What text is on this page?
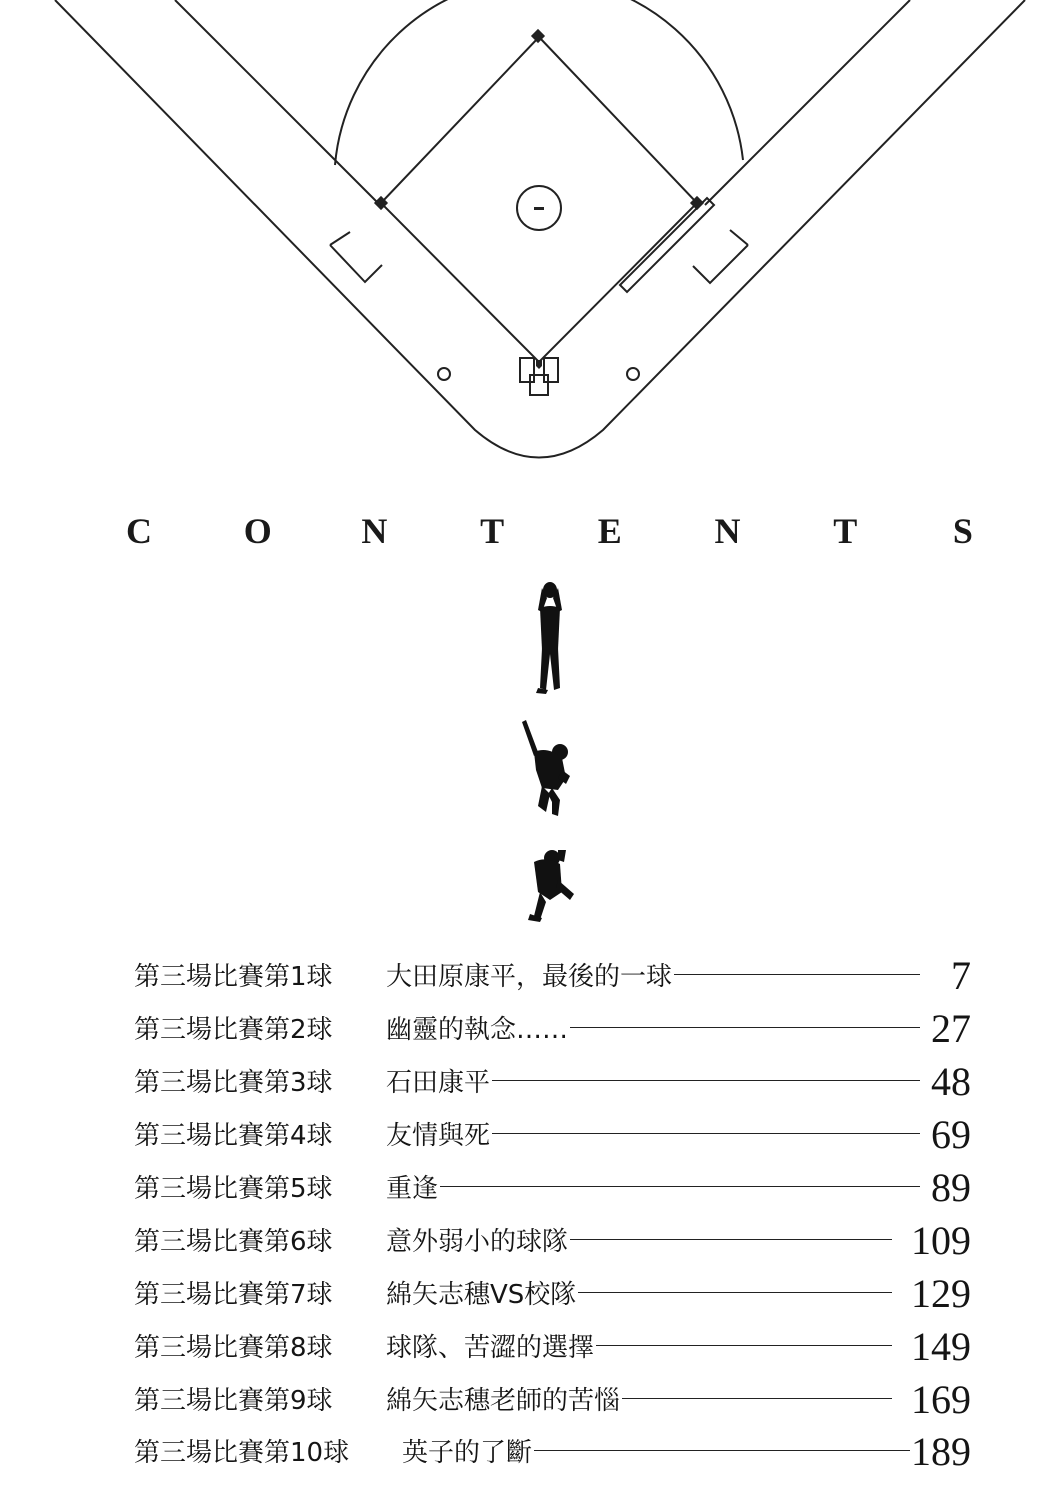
C	O N	T	E	N	T	S
第三場比賽第1球 大田原康平，最後的一球	7
第三場比賽第2球 幽靈的執念……	27
第三場比賽第3球 石田康平	48
第三場比賽第4球 友情與死	69
第三場比賽第5球 重逢	89
第三場比賽第6球 意外弱小的球隊	109
第三場比賽第7球 綿矢志穗VS校隊	129
第三場比賽第8球 球隊、苦澀的選擇	149
第三場比賽第9球 綿矢志穗老師的苦惱	169
第三場比賽第10球 英子的了斷	189
